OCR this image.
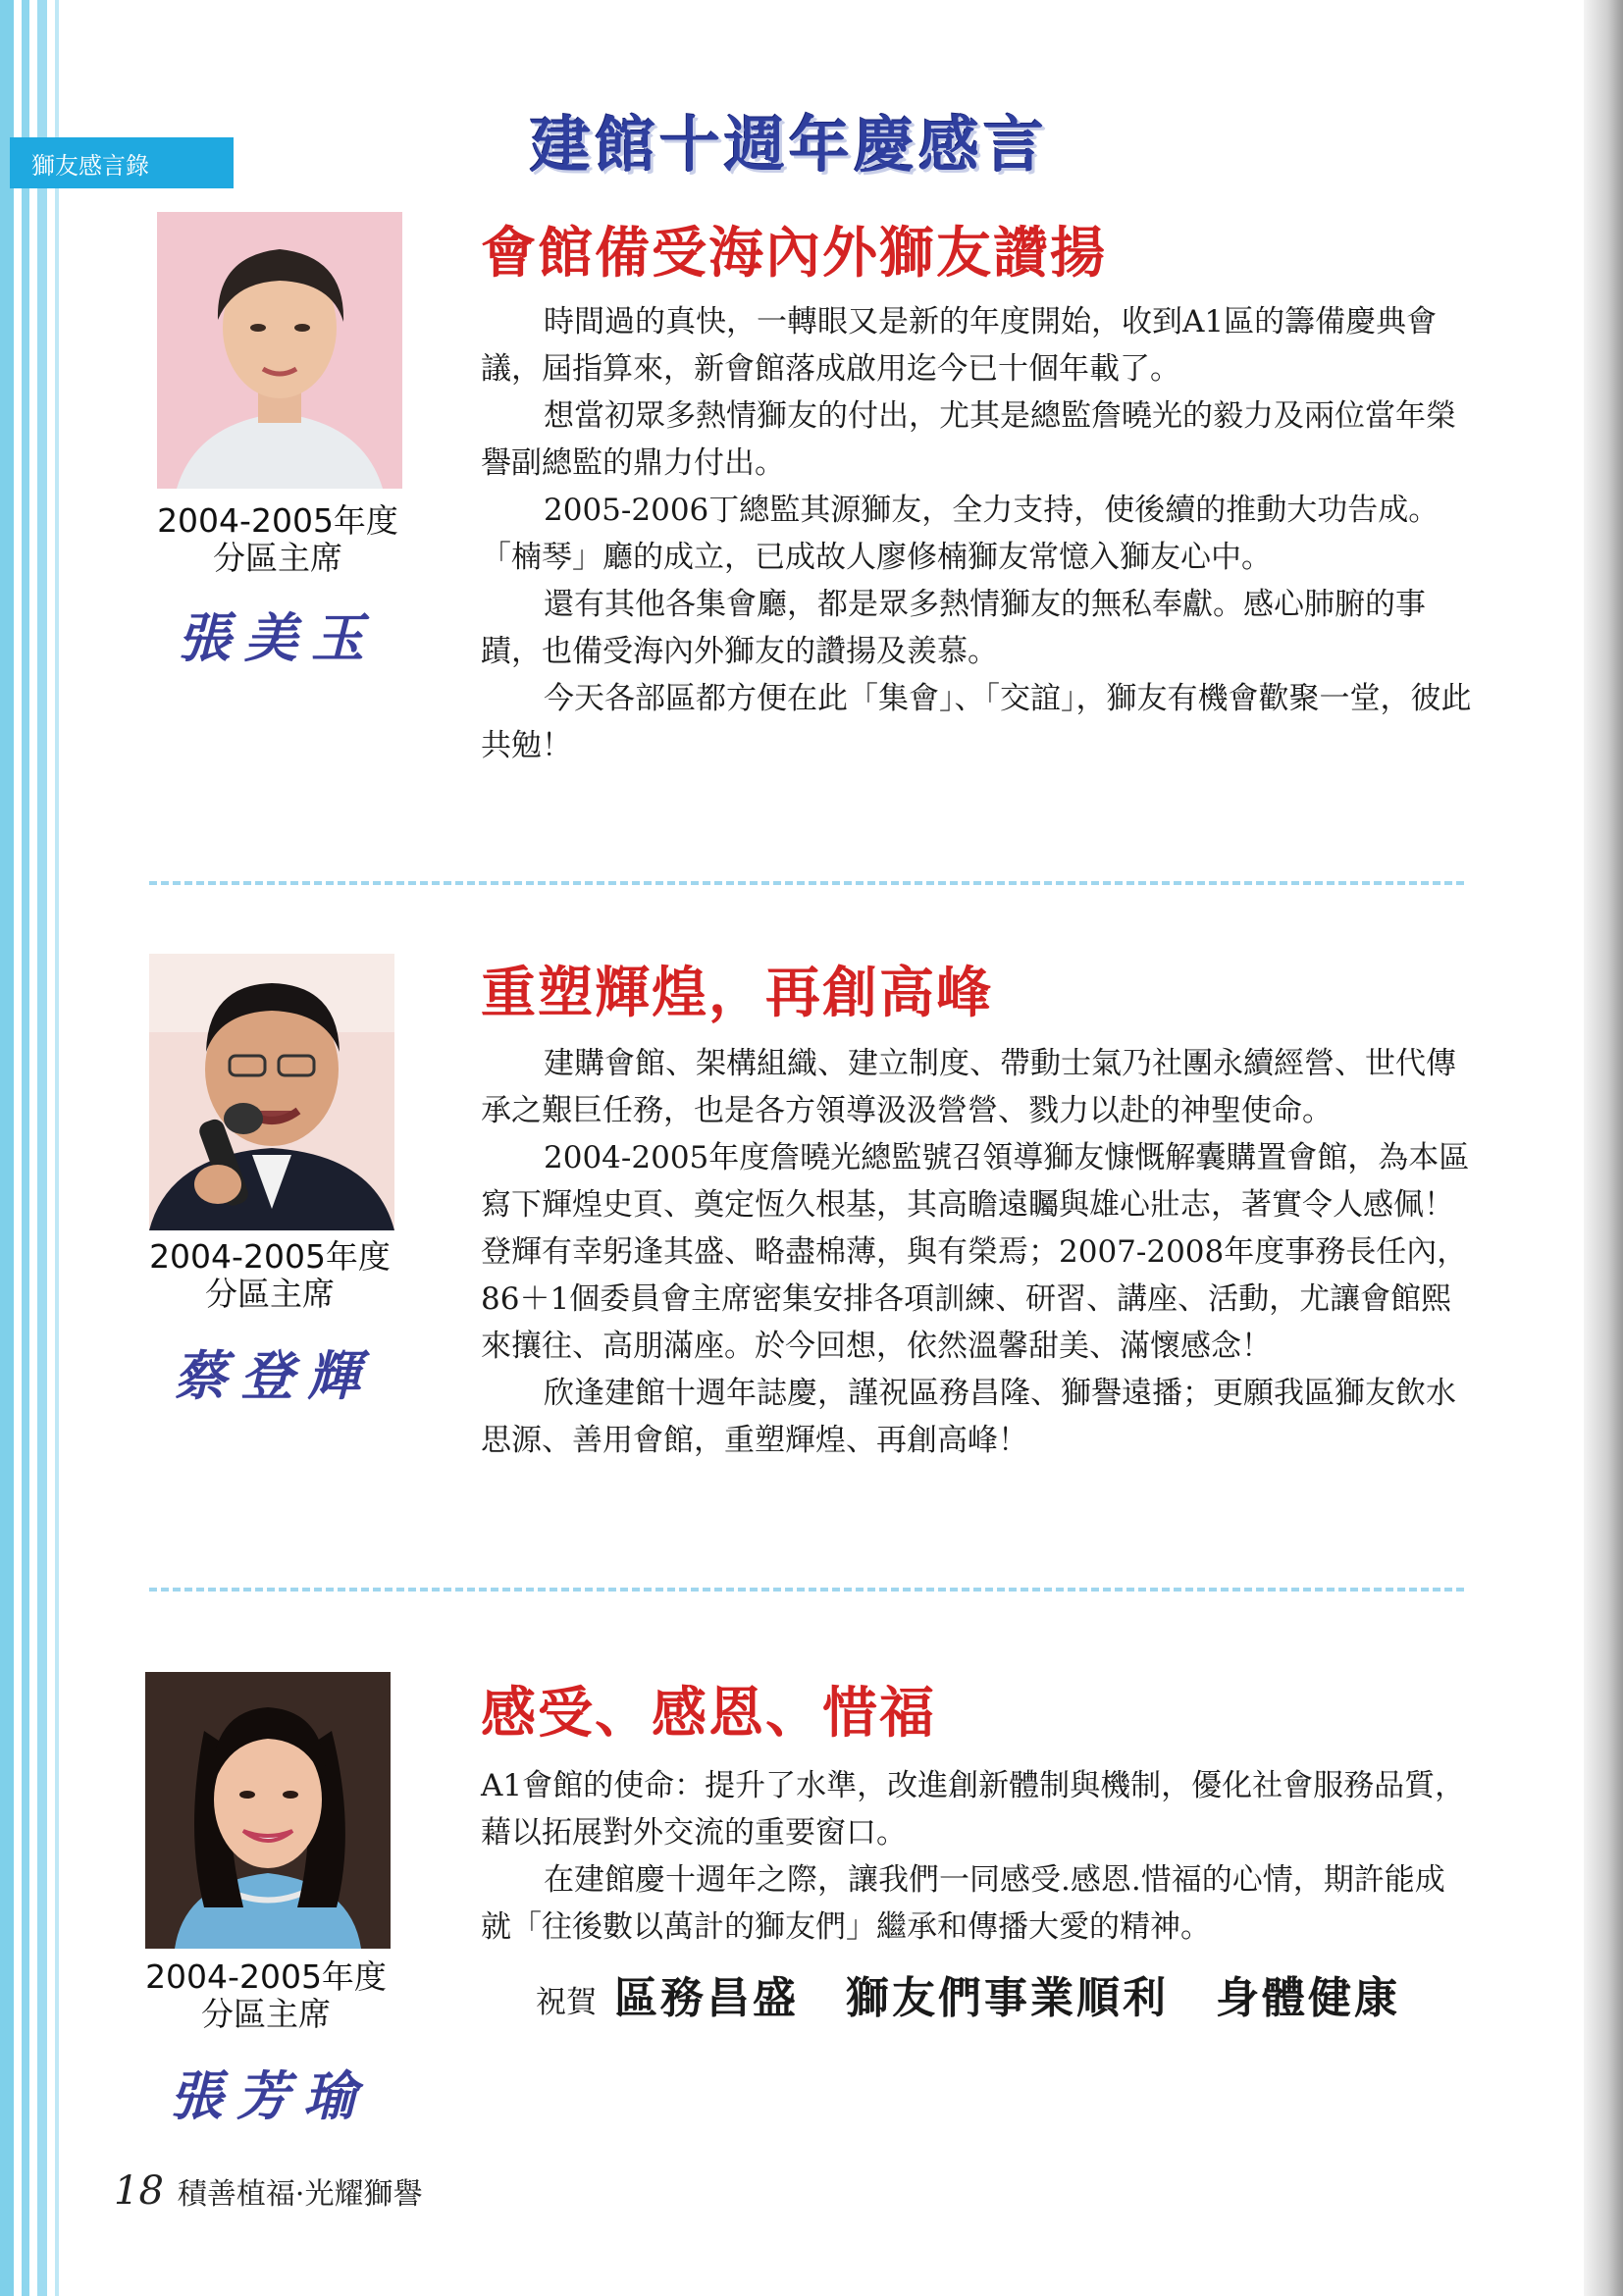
獅友感言錄	建館十週年慶感言
2004-2005年度
分區主席
張美玉
會館備受海內外獅友讚揚

時間過的真快，一轉眼又是新的年度開始，收到A1區的籌備慶典會議，屆指算來，新會館落成啟用迄今已十個年載了。

想當初眾多熱情獅友的付出，尤其是總監詹曉光的毅力及兩位當年榮譽副總監的鼎力付出。

2005-2006丁總監其源獅友，全力支持，使後續的推動大功告成。「楠琴」廳的成立，已成故人廖修楠獅友常憶入獅友心中。

還有其他各集會廳，都是眾多熱情獅友的無私奉獻。感心肺腑的事蹟，也備受海內外獅友的讚揚及羨慕。

今天各部區都方便在此「集會」、「交誼」，獅友有機會歡聚一堂，彼此共勉！

2004-2005年度
分區主席
蔡登輝
重塑輝煌，再創高峰

建購會館、架構組織、建立制度、帶動士氣乃社團永續經營、世代傳承之艱巨任務，也是各方領導汲汲營營、戮力以赴的神聖使命。

2004-2005年度詹曉光總監號召領導獅友慷慨解囊購置會館，為本區寫下輝煌史頁、奠定恆久根基，其高瞻遠矚與雄心壯志，著實令人感佩！登輝有幸躬逢其盛、略盡棉薄，與有榮焉；2007-2008年度事務長任內，86＋1個委員會主席密集安排各項訓練、研習、講座、活動，尤讓會館熙來攘往、高朋滿座。於今回想，依然溫馨甜美、滿懷感念！

欣逢建館十週年誌慶，謹祝區務昌隆、獅譽遠播；更願我區獅友飲水思源、善用會館，重塑輝煌、再創高峰！

2004-2005年度
分區主席
張芳瑜
感受、感恩、惜福

A1會館的使命：提升了水準，改進創新體制與機制，優化社會服務品質，藉以拓展對外交流的重要窗口。

在建館慶十週年之際，讓我們一同感受.感恩.惜福的心情，期許能成就「往後數以萬計的獅友們」繼承和傳播大愛的精神。

祝賀 區務昌盛 獅友們事業順利 身體健康
18 積善植福·光耀獅譽
